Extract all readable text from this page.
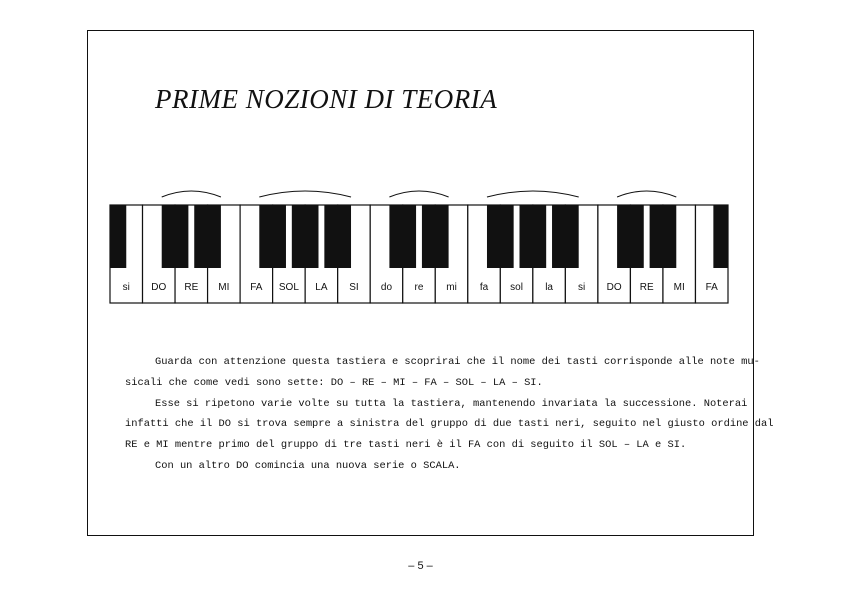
PRIME NOZIONI DI TEORIA
si DO RE MI FA SOL LA SI do re mi fa sol la	si DO RE MI FA

Guarda con attenzione questa tastiera e scoprirai che il nome dei tasti corrisponde alle note mu-

sicali che come vedi sono sette: DO – RE – MI – FA – SOL – LA – SI.

Esse si ripetono varie volte su tutta la tastiera, mantenendo invariata la successione. Noterai

infatti che il DO si trova sempre a sinistra del gruppo di due tasti neri, seguito nel giusto ordine dal

RE e MI mentre primo del gruppo di tre tasti neri è il FA con di seguito il SOL – LA e SI.

Con un altro DO comincia una nuova serie o SCALA.

– 5 –
